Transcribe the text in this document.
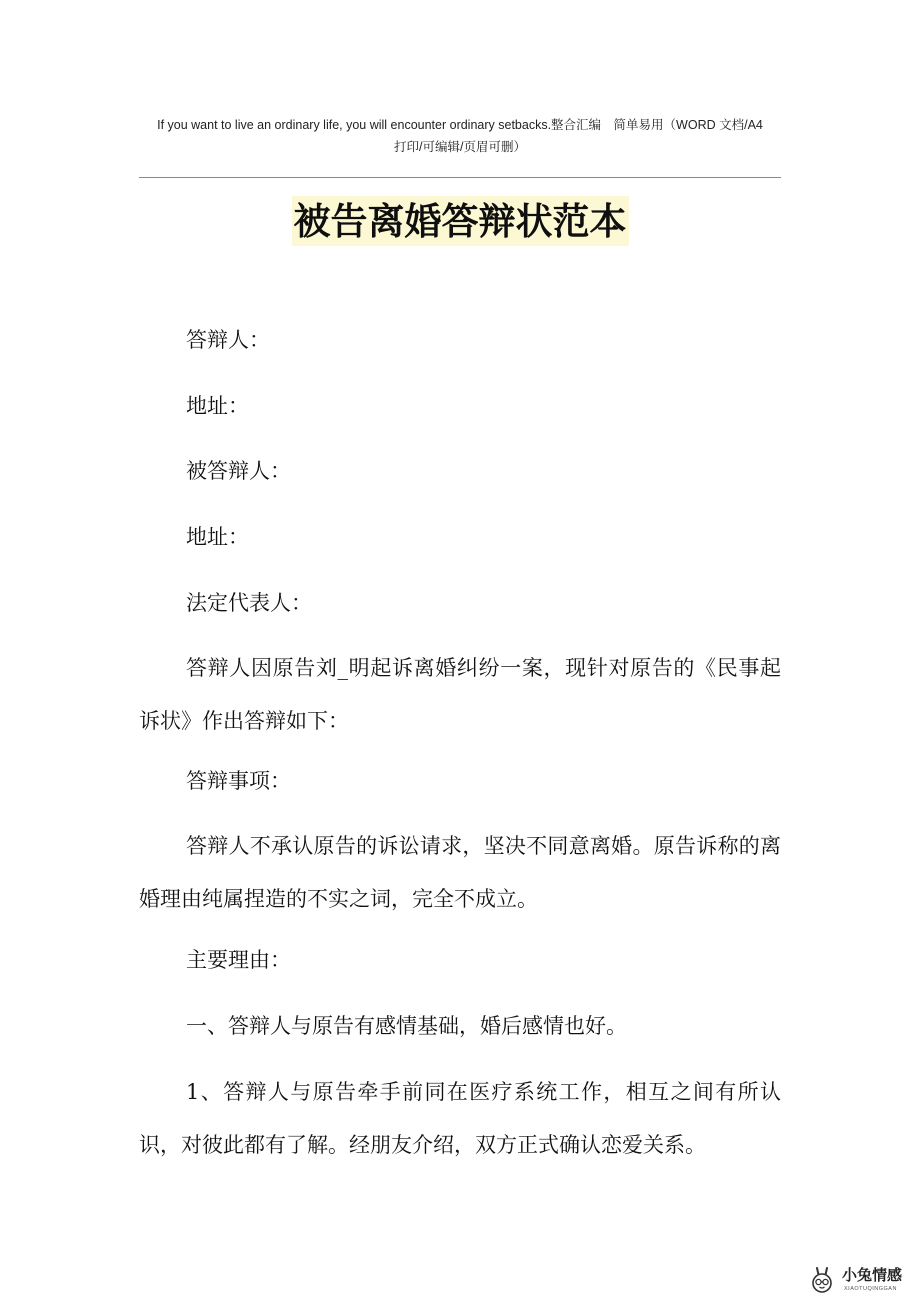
If you want to live an ordinary life, you will encounter ordinary setbacks.整合汇编　简单易用（WORD 文档/A4
打印/可编辑/页眉可删）
被告离婚答辩状范本

答辩人：

地址：

被答辩人：

地址：

法定代表人：

答辩人因原告刘_明起诉离婚纠纷一案，现针对原告的《民事起诉状》作出答辩如下：

答辩事项：

答辩人不承认原告的诉讼请求，坚决不同意离婚。原告诉称的离婚理由纯属捏造的不实之词，完全不成立。

主要理由：

一、答辩人与原告有感情基础，婚后感情也好。

1、答辩人与原告牵手前同在医疗系统工作，相互之间有所认识，对彼此都有了解。经朋友介绍，双方正式确认恋爱关系。

小兔情感
XIAOTUQINGGAN
